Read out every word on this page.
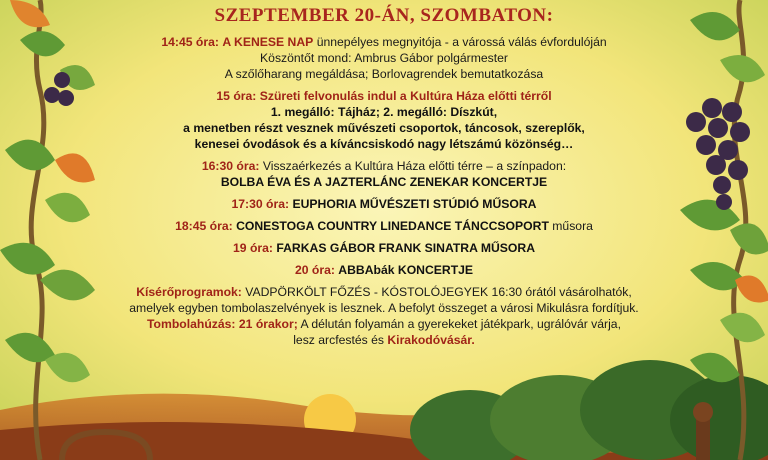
SZEPTEMBER 20-ÁN, SZOMBATON:
14:45 óra: A KENESE NAP ünnepélyes megnyitója - a várossá válás évfordulóján
Köszöntőt mond: Ambrus Gábor polgármester
A szőlőharang megáldása; Borlovagrendek bemutatkozása
15 óra: Szüreti felvonulás indul a Kultúra Háza előtti térről
1. megálló: Tájház; 2. megálló: Díszkút,
a menetben részt vesznek művészeti csoportok, táncosok, szereplők,
kenesei óvodások és a kíváncsiskodó nagy létszámú közönség…
16:30 óra: Visszaérkezés a Kultúra Háza előtti térre – a színpadon:
BOLBA ÉVA ÉS A JAZTERLÁNC ZENEKAR KONCERTJE
17:30 óra: EUPHORIA MŰVÉSZETI STÚDIÓ MŰSORA
18:45 óra: CONESTOGA COUNTRY LINEDANCE TÁNCCSOPORT műsora
19 óra: FARKAS GÁBOR FRANK SINATRA MŰSORA
20 óra: ABBAbák KONCERTJE
Kísérőprogramok: VADPÖRKÖLT FŐZÉS - KÓSTOLÓJEGYEK 16:30 órától vásárolhatók,
amelyek egyben tombolaszelvények is lesznek. A befolyt összeget a városi Mikulásra fordítjuk.
Tombolahúzás: 21 órakor; A délután folyamán a gyerekeket játékpark, ugrálóvár várja,
lesz arcfestés és Kirakodóvásár.
